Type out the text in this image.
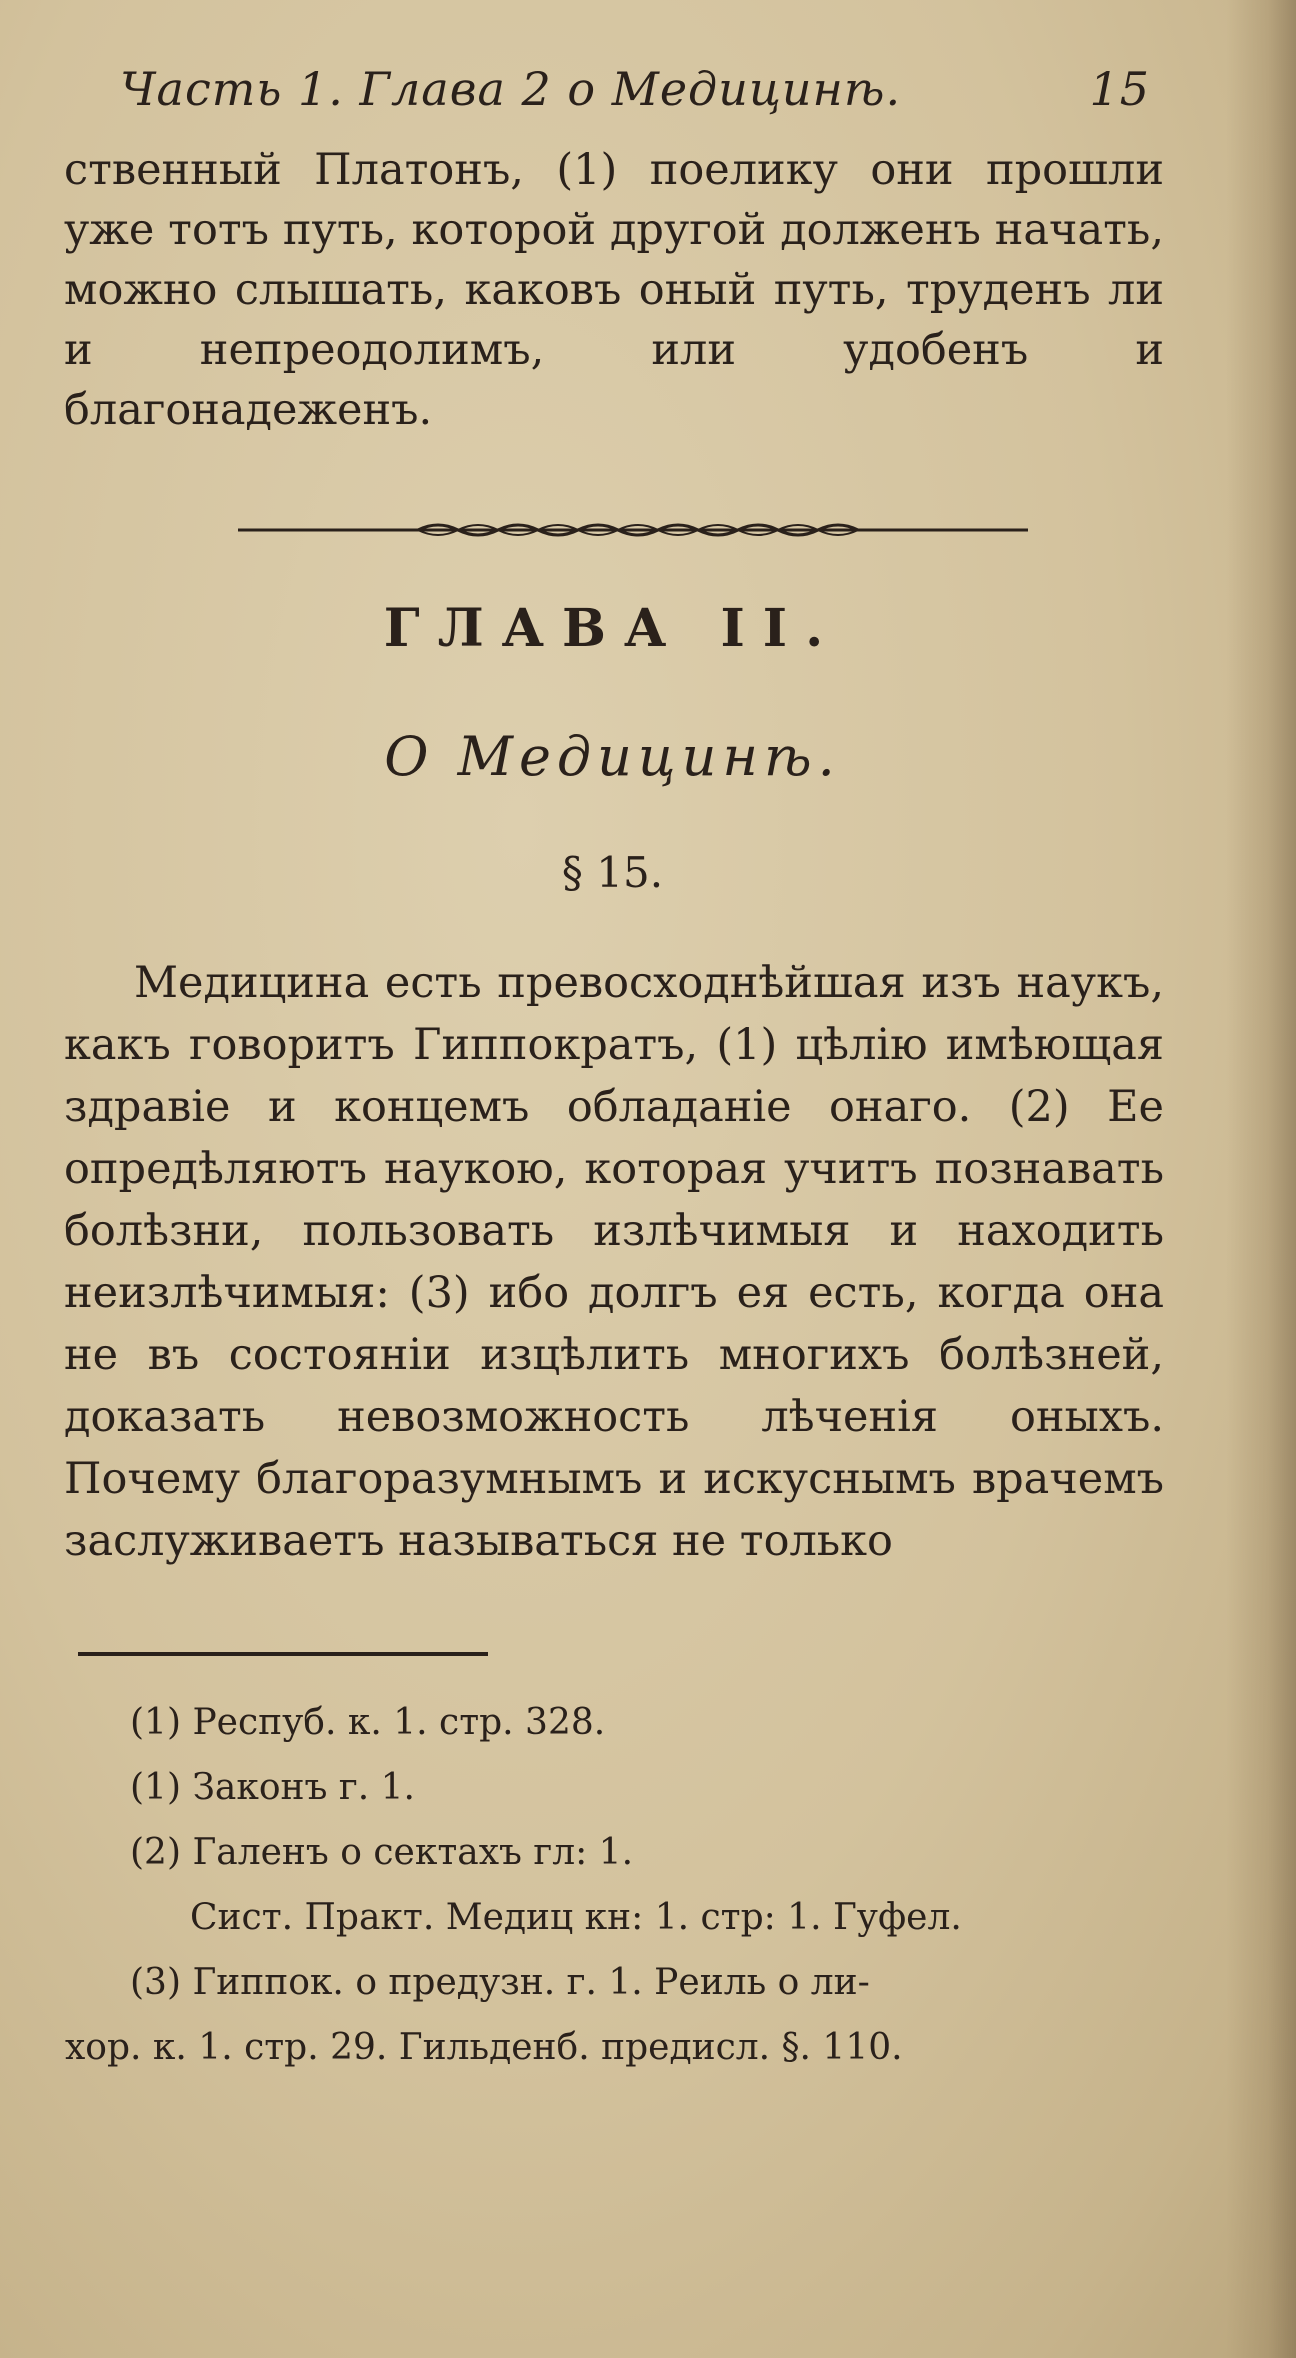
Часть 1. Глава 2 о Медицинѣ.	15

ственный Платонъ, (1) поелику они прошли уже тотъ путь, которой другой долженъ начать, можно слышать, каковъ оный путь, труденъ ли и непреодолимъ, или удобенъ и благонадеженъ.

ГЛАВА II.
О Медицинѣ.
§ 15.

Медицина есть превосходнѣйшая изъ наукъ, какъ говоритъ Гиппократъ, (1) цѣлію имѣющая здравіе и концемъ обладаніе онаго. (2) Ее опредѣляютъ наукою, которая учитъ познавать болѣзни, пользовать излѣчимыя и находить неизлѣчимыя: (3) ибо долгъ ея есть, когда она не въ состояніи изцѣлить многихъ болѣзней, доказать невозможность лѣченія оныхъ. Почему благоразумнымъ и искуснымъ врачемъ заслуживаетъ называться не только

(1) Респуб. к. 1. стр. 328.

(1) Законъ г. 1.

(2) Галенъ о сектахъ гл: 1.

Сист. Практ. Медиц кн: 1. стр: 1. Гуфел.

(3) Гиппок. о предузн. г. 1. Реиль о ли-

хор. к. 1. стр. 29. Гильденб. предисл. §. 110.
